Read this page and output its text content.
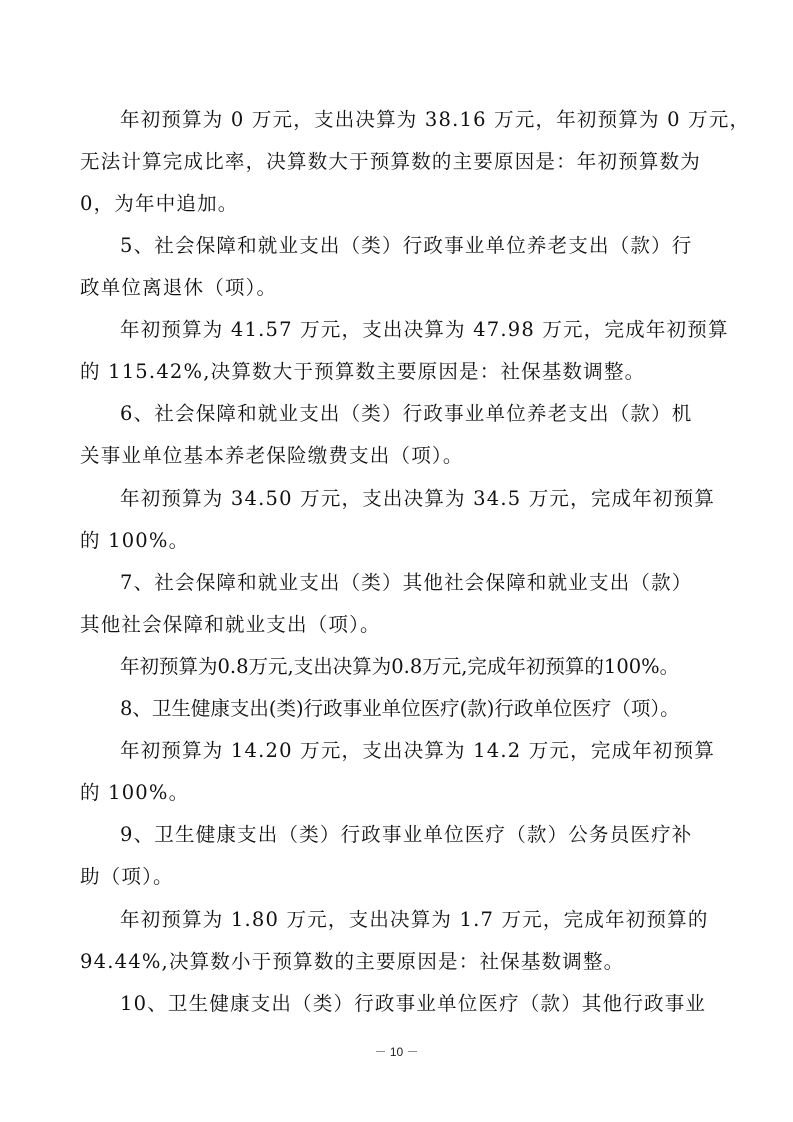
年初预算为 0 万元，支出决算为 38.16 万元，年初预算为 0 万元，
无法计算完成比率，决算数大于预算数的主要原因是：年初预算数为
0，为年中追加。
5、社会保障和就业支出（类）行政事业单位养老支出（款）行
政单位离退休（项）。
年初预算为 41.57 万元，支出决算为 47.98 万元，完成年初预算
的 115.42%,决算数大于预算数主要原因是：社保基数调整。
6、社会保障和就业支出（类）行政事业单位养老支出（款）机
关事业单位基本养老保险缴费支出（项）。
年初预算为 34.50 万元，支出决算为 34.5 万元，完成年初预算
的 100%。
7、社会保障和就业支出（类）其他社会保障和就业支出（款）
其他社会保障和就业支出（项）。
年初预算为0.8万元,支出决算为0.8万元,完成年初预算的100%。
8、卫生健康支出(类)行政事业单位医疗(款)行政单位医疗（项）。
年初预算为 14.20 万元，支出决算为 14.2 万元，完成年初预算
的 100%。
9、卫生健康支出（类）行政事业单位医疗（款）公务员医疗补
助（项）。
年初预算为 1.80 万元，支出决算为 1.7 万元，完成年初预算的
94.44%,决算数小于预算数的主要原因是：社保基数调整。
10、卫生健康支出（类）行政事业单位医疗（款）其他行政事业
－ 10 －
